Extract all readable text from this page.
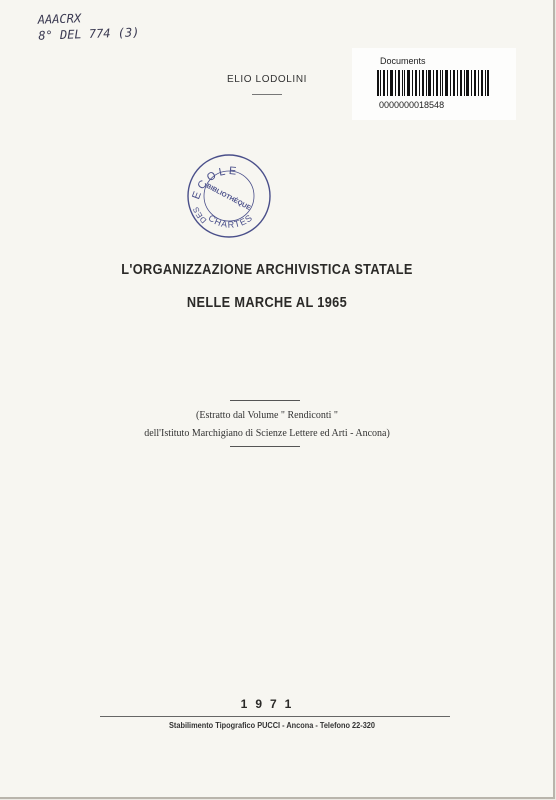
AAACRX
8° DEL 774 (3)
ELIO LODOLINI
Documents
0000000018548
ECOLE
DES
CHARTES
BIBLIOTHÈQUE
L'ORGANIZZAZIONE ARCHIVISTICA STATALE
NELLE MARCHE AL 1965
(Estratto dal Volume " Rendiconti "
dell'Istituto Marchigiano di Scienze Lettere ed Arti - Ancona)
1971
Stabilimento Tipografico PUCCI - Ancona - Telefono 22-320
